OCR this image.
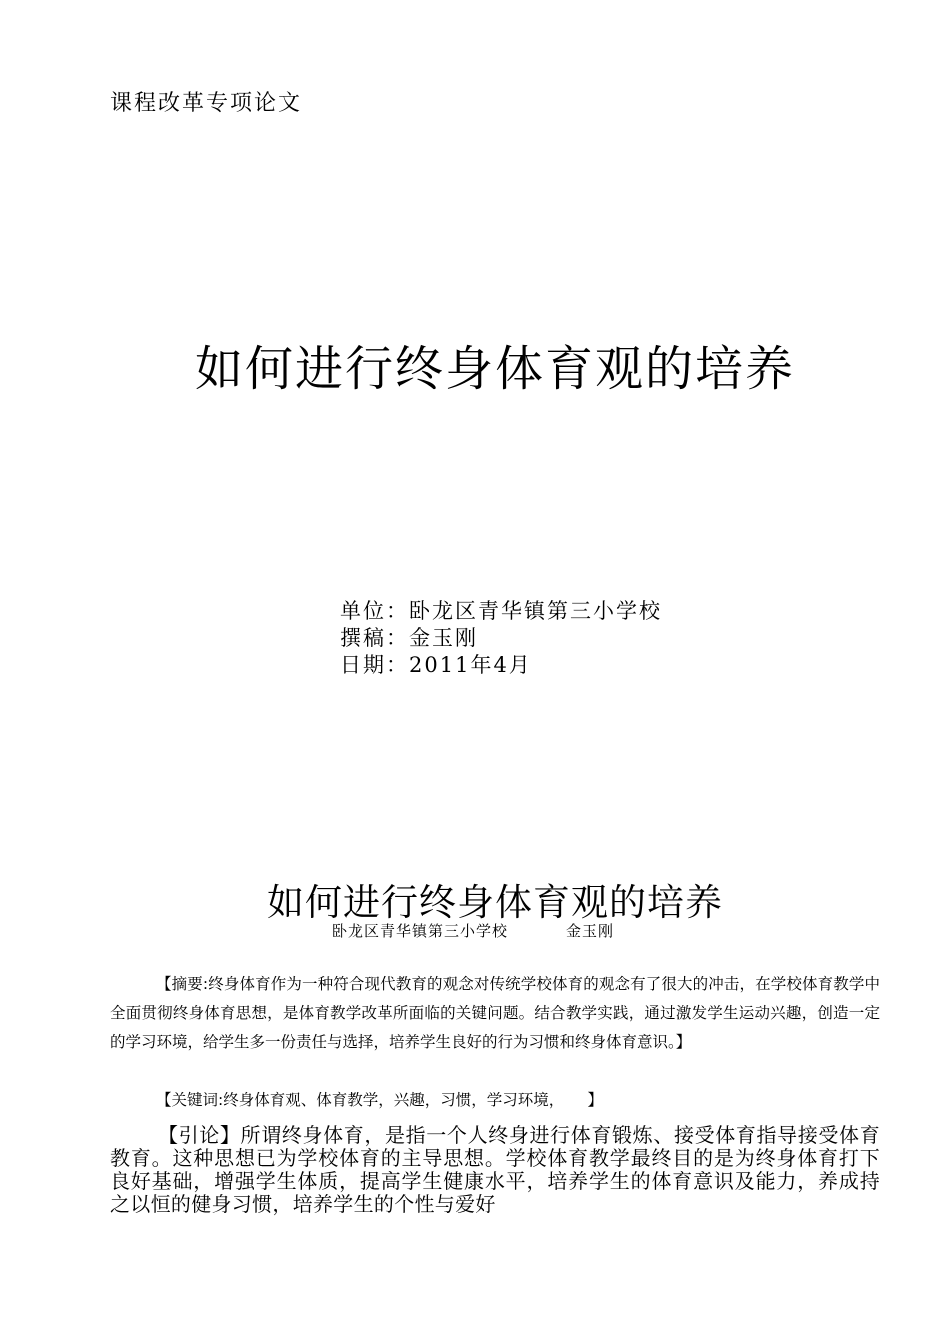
课程改革专项论文
如何进行终身体育观的培养
单位：卧龙区青华镇第三小学校
撰稿：金玉刚
日期：2011年4月
如何进行终身体育观的培养
卧龙区青华镇第三小学校	金玉刚
【摘要:终身体育作为一种符合现代教育的观念对传统学校体育的观念有了很大的冲击，在学校体育教学中全面贯彻终身体育思想，是体育教学改革所面临的关键问题。结合教学实践，通过激发学生运动兴趣，创造一定的学习环境，给学生多一份责任与选择，培养学生良好的行为习惯和终身体育意识。】
【关键词:终身体育观、体育教学，兴趣，习惯，学习环境，　　】
【引论】所谓终身体育，是指一个人终身进行体育锻炼、接受体育指导接受体育教育。这种思想已为学校体育的主导思想。学校体育教学最终目的是为终身体育打下良好基础，增强学生体质，提高学生健康水平，培养学生的体育意识及能力，养成持之以恒的健身习惯，培养学生的个性与爱好
